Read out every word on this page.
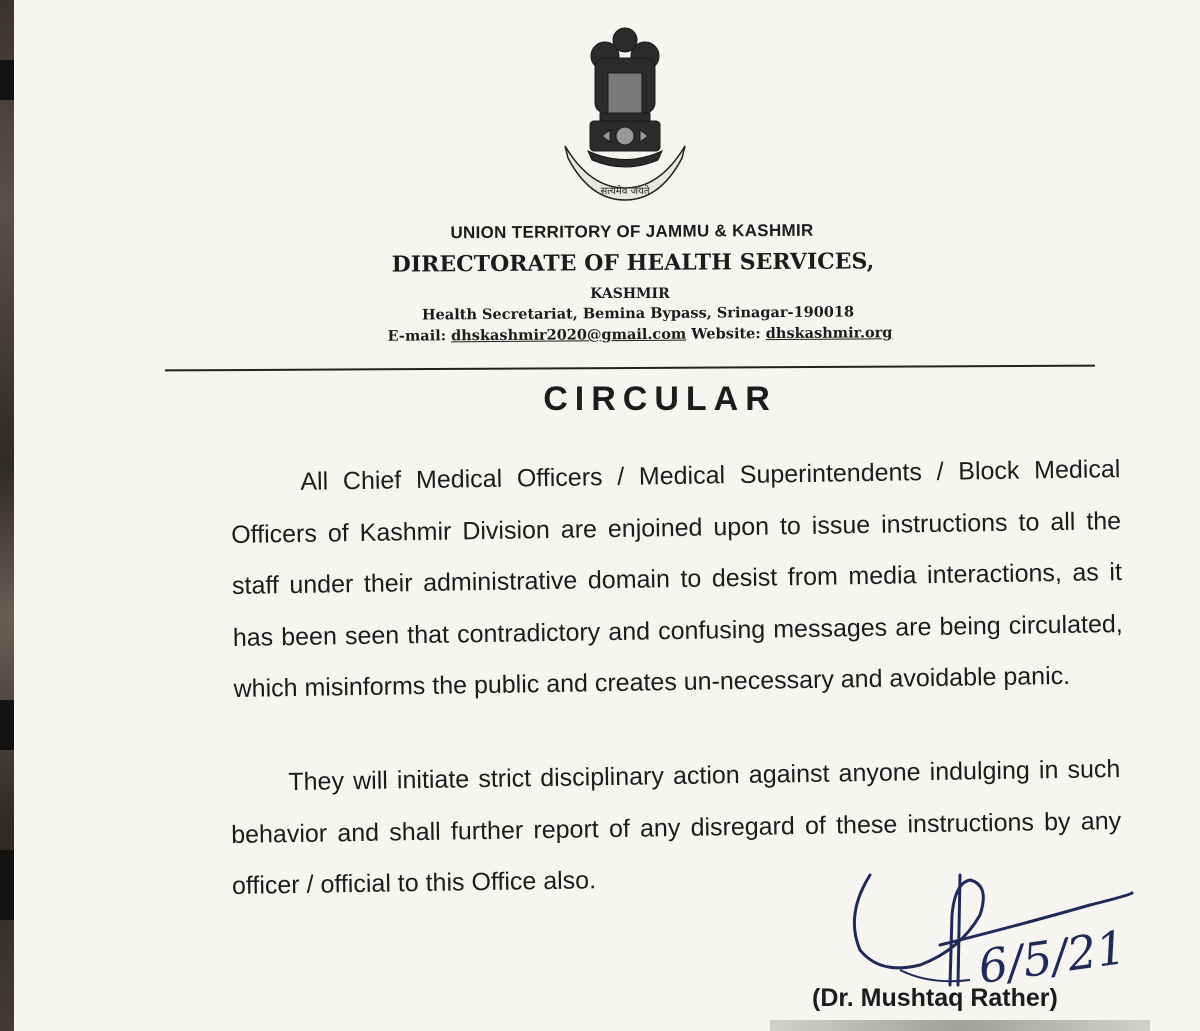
सत्यमेव जयते
UNION TERRITORY OF JAMMU & KASHMIR
DIRECTORATE OF HEALTH SERVICES,
KASHMIR
Health Secretariat, Bemina Bypass, Srinagar-190018
E-mail: dhskashmir2020@gmail.com Website: dhskashmir.org
CIRCULAR
All Chief Medical Officers / Medical Superintendents / Block Medical Officers of Kashmir Division are enjoined upon to issue instructions to all the staff under their administrative domain to desist from media interactions, as it has been seen that contradictory and confusing messages are being circulated, which misinforms the public and creates un-necessary and avoidable panic.
They will initiate strict disciplinary action against anyone indulging in such behavior and shall further report of any disregard of these instructions by any officer / official to this Office also.
6/5/21
(Dr. Mushtaq Rather)
